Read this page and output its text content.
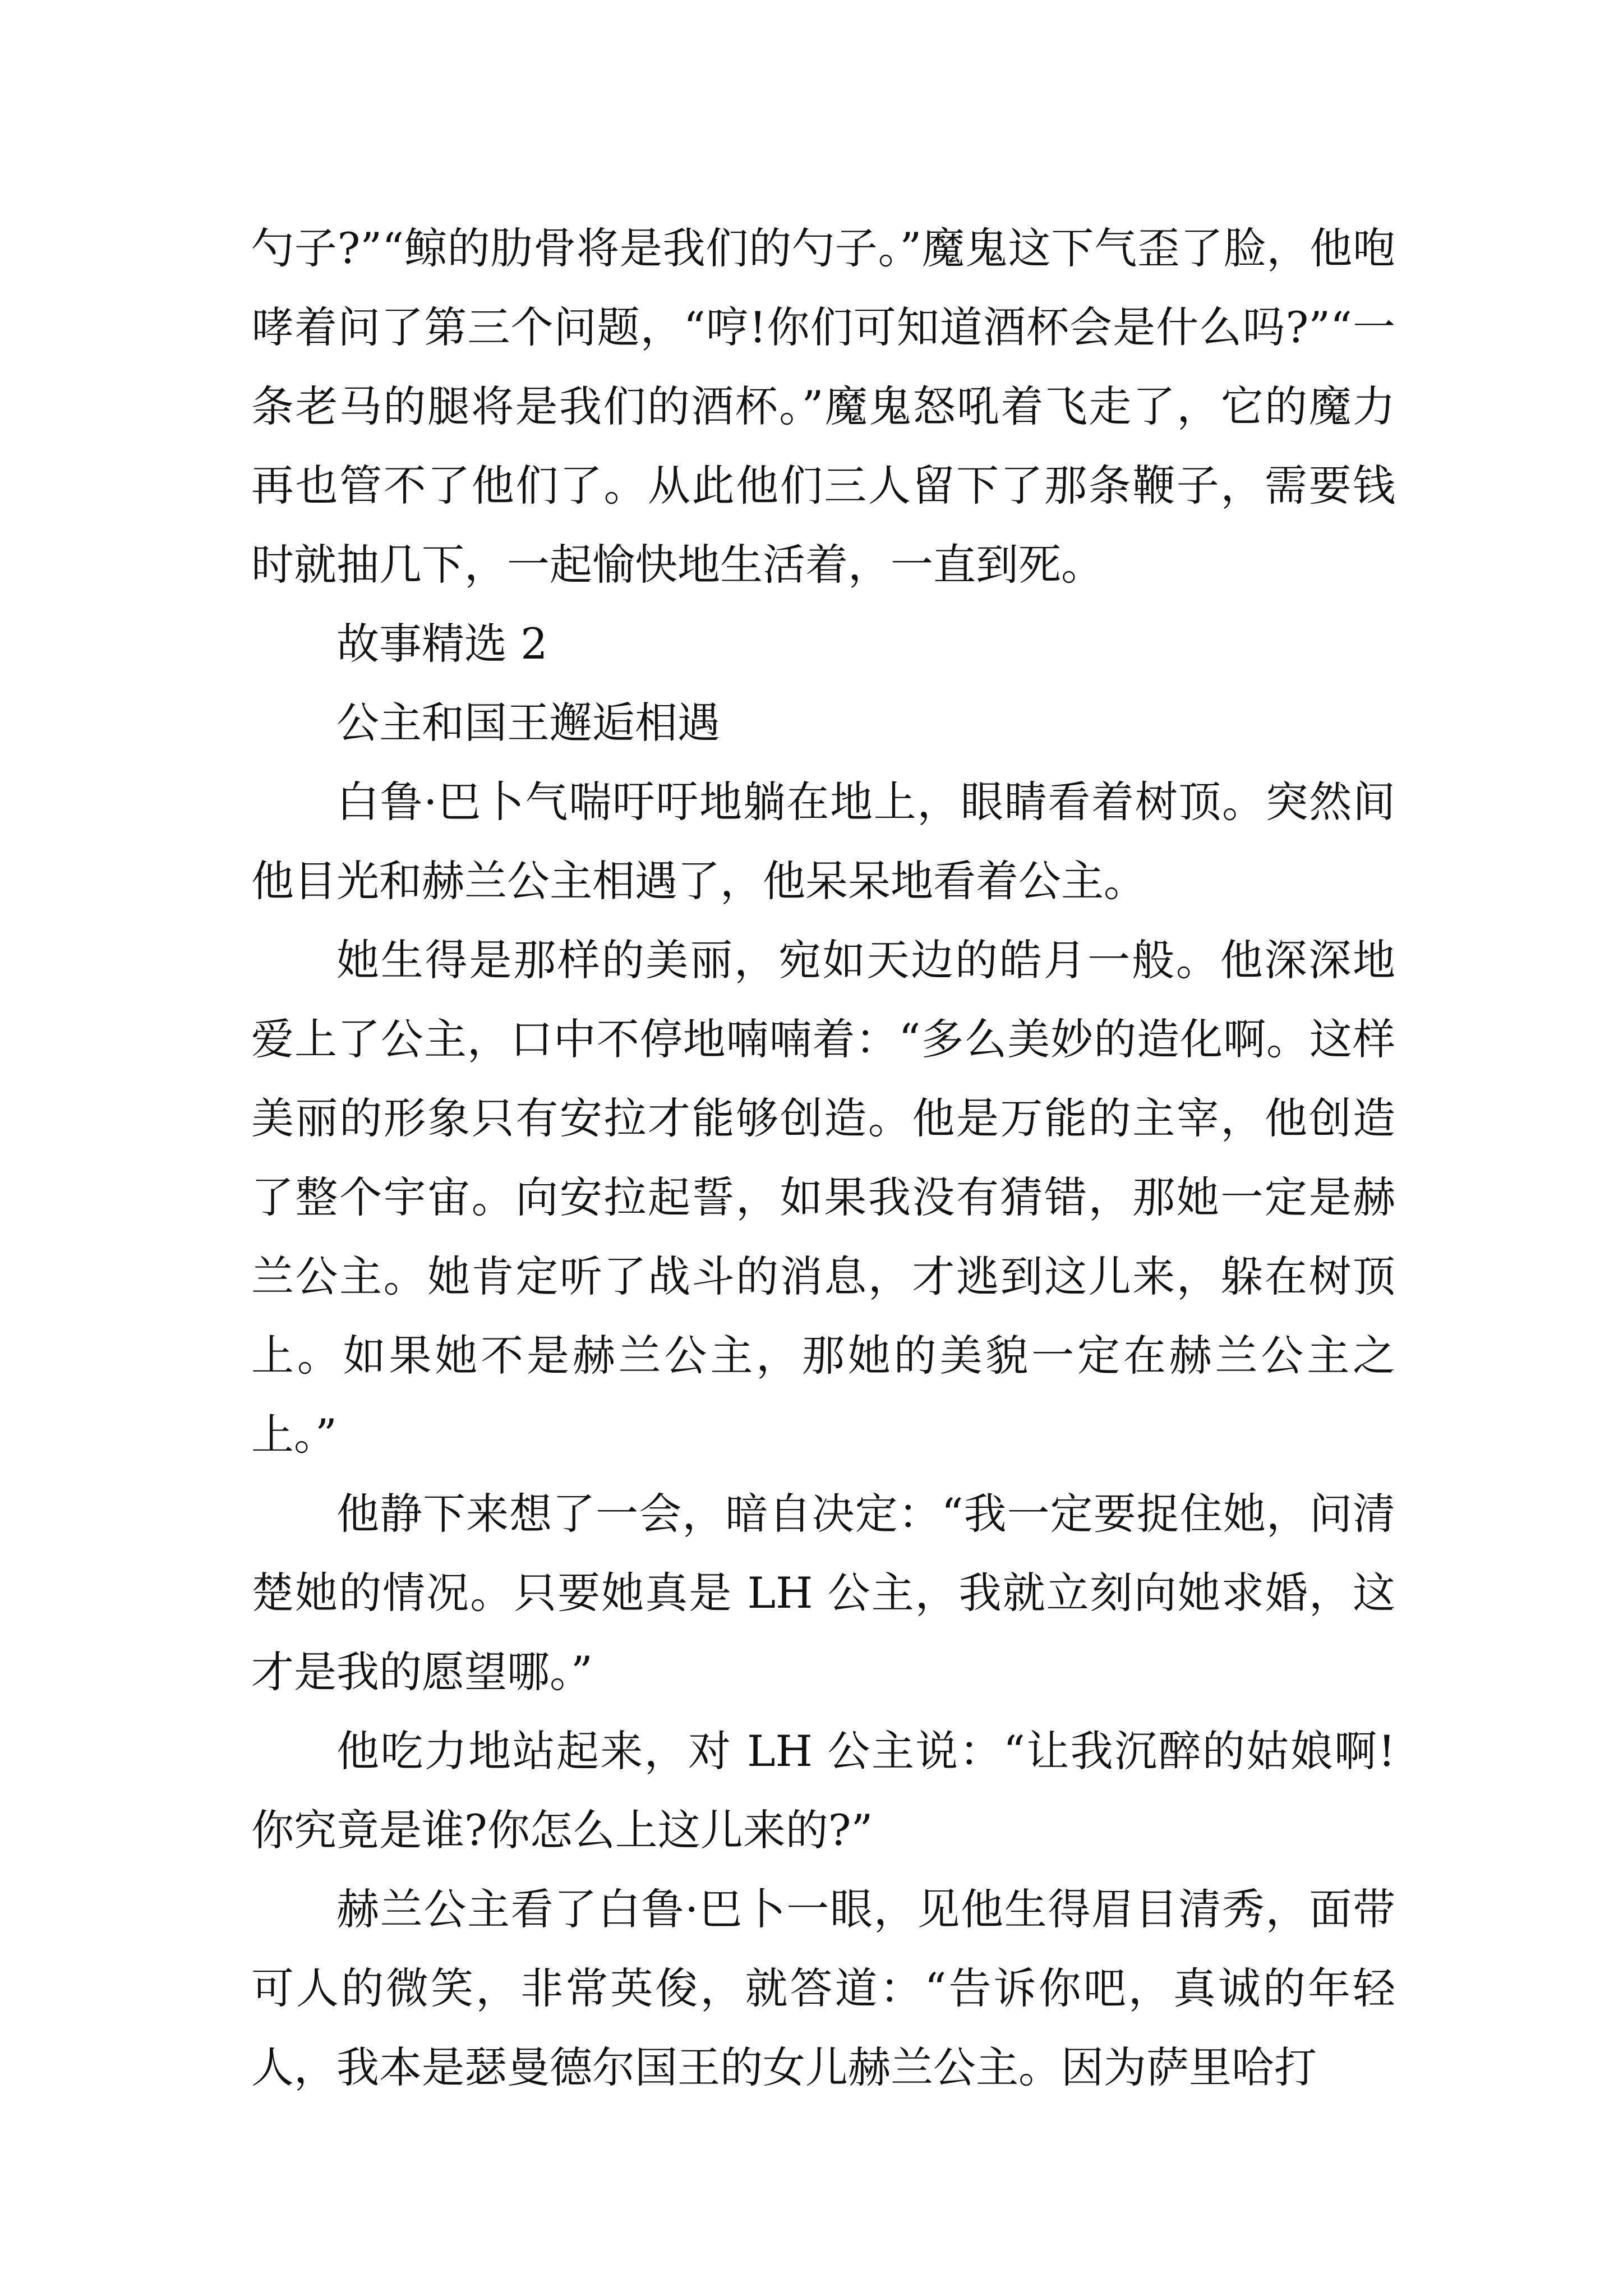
勺子?”“鲸的肋骨将是我们的勺子。”魔鬼这下气歪了脸，他咆哮着问了第三个问题，“哼!你们可知道酒杯会是什么吗?”“一条老马的腿将是我们的酒杯。”魔鬼怒吼着飞走了，它的魔力再也管不了他们了。从此他们三人留下了那条鞭子，需要钱时就抽几下，一起愉快地生活着，一直到死。

故事精选 2

公主和国王邂逅相遇

白鲁·巴卜气喘吁吁地躺在地上，眼睛看着树顶。突然间他目光和赫兰公主相遇了，他呆呆地看着公主。

她生得是那样的美丽，宛如天边的皓月一般。他深深地爱上了公主，口中不停地喃喃着：“多么美妙的造化啊。这样美丽的形象只有安拉才能够创造。他是万能的主宰，他创造了整个宇宙。向安拉起誓，如果我没有猜错，那她一定是赫兰公主。她肯定听了战斗的消息，才逃到这儿来，躲在树顶上。如果她不是赫兰公主，那她的美貌一定在赫兰公主之上。”

他静下来想了一会，暗自决定：“我一定要捉住她，问清楚她的情况。只要她真是 LH 公主，我就立刻向她求婚，这才是我的愿望哪。”

他吃力地站起来，对 LH 公主说：“让我沉醉的姑娘啊!你究竟是谁?你怎么上这儿来的?”

赫兰公主看了白鲁·巴卜一眼，见他生得眉目清秀，面带可人的微笑，非常英俊，就答道：“告诉你吧，真诚的年轻人，我本是瑟曼德尔国王的女儿赫兰公主。因为萨里哈打
